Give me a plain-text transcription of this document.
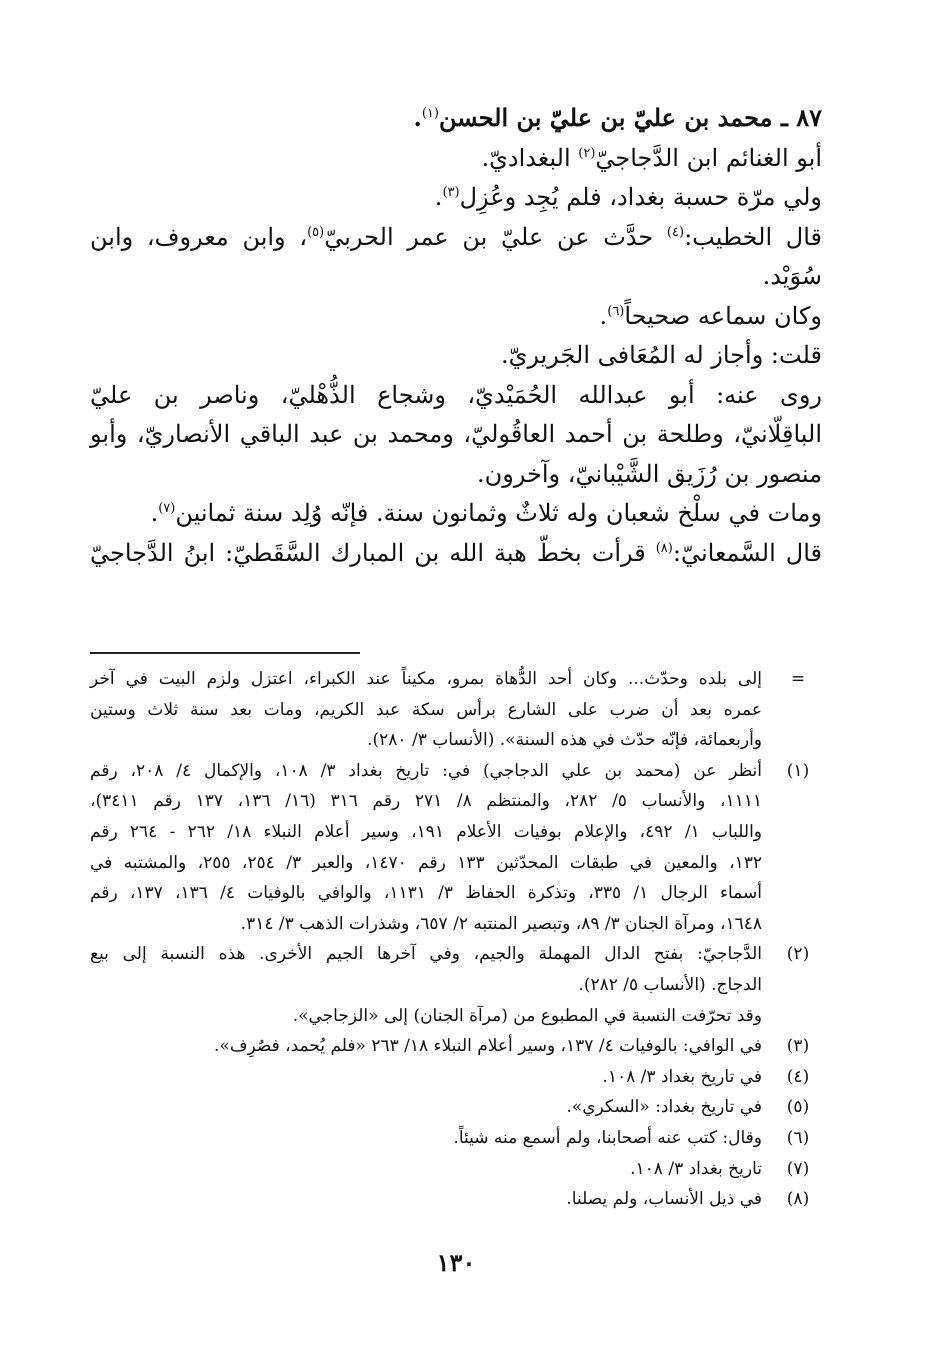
٨٧ ـ محمد بن عليّ بن عليّ بن الحسن$^{(١)}$.
أبو الغنائم ابن الدَّجاجيّ$^{(٢)}$ البغداديّ.
ولي مرّة حسبة بغداد، فلم يُجِد وعُزِل$^{(٣)}$.
قال الخطيب:$^{(٤)}$ حدَّث عن عليّ بن عمر الحربيّ$^{(٥)}$، وابن معروف، وابن
سُوَيْد.
وكان سماعه صحيحاً$^{(٦)}$.
قلت: وأجاز له المُعَافى الجَريريّ.
روى عنه: أبو عبدالله الحُمَيْديّ، وشجاع الذُّهْليّ، وناصر بن عليّ
الباقِلّانيّ، وطلحة بن أحمد العاقُوليّ، ومحمد بن عبد الباقي الأنصاريّ، وأبو
منصور بن رُزَيق الشَّيْبانيّ، وآخرون.
ومات في سلْخ شعبان وله ثلاثٌ وثمانون سنة. فإنّه وُلِد سنة ثمانين$^{(٧)}$.
قال السَّمعانيّ:$^{(٨)}$ قرأت بخطّ هبة الله بن المبارك السَّقَطيّ: ابنُ الدَّجاجيّ
=
إلى بلده وحدّث... وكان أحد الدُّهاة بمرو، مكيناً عند الكبراء، اعتزل ولزم البيت في آخر
عمره بعد أن ضرب على الشارع برأس سكة عبد الكريم، ومات بعد سنة ثلاث وستين
وأربعمائة، فإنّه حدّث في هذه السنة». (الأنساب ٣/ ٢٨٠).
(١)
أنظر عن (محمد بن علي الدجاجي) في: تاريخ بغداد ٣/ ١٠٨، والإكمال ٤/ ٢٠٨، رقم
١١١١، والأنساب ٥/ ٢٨٢، والمنتظم ٨/ ٢٧١ رقم ٣١٦ (١٦/ ١٣٦، ١٣٧ رقم ٣٤١١)،
واللباب ١/ ٤٩٢، والإعلام بوفيات الأعلام ١٩١، وسير أعلام النبلاء ١٨/ ٢٦٢ - ٢٦٤ رقم
١٣٢، والمعين في طبقات المحدّثين ١٣٣ رقم ١٤٧٠، والعبر ٣/ ٢٥٤، ٢٥٥، والمشتبه في
أسماء الرجال ١/ ٣٣٥، وتذكرة الحفاظ ٣/ ١١٣١، والوافي بالوفيات ٤/ ١٣٦، ١٣٧، رقم
١٦٤٨، ومرآة الجنان ٣/ ٨٩، وتبصير المنتبه ٢/ ٦٥٧، وشذرات الذهب ٣/ ٣١٤.
(٢)
الدَّجاجيّ: بفتح الدال المهملة والجيم، وفي آخرها الجيم الأخرى. هذه النسبة إلى بيع
الدجاج. (الأنساب ٥/ ٢٨٢).
وقد تحرّفت النسبة في المطبوع من (مرآة الجنان) إلى «الزجاجي».
(٣)
في الوافي: بالوفيات ٤/ ١٣٧، وسير أعلام النبلاء ١٨/ ٢٦٣ «فلم يُحمد، فصُرِف».
(٤)
في تاريخ بغداد ٣/ ١٠٨.
(٥)
في تاريخ بغداد: «السكري».
(٦)
وقال: كتب عنه أصحابنا، ولم أسمع منه شيئاً.
(٧)
تاريخ بغداد ٣/ ١٠٨.
(٨)
في ذيل الأنساب، ولم يصلنا.
١٣٠
